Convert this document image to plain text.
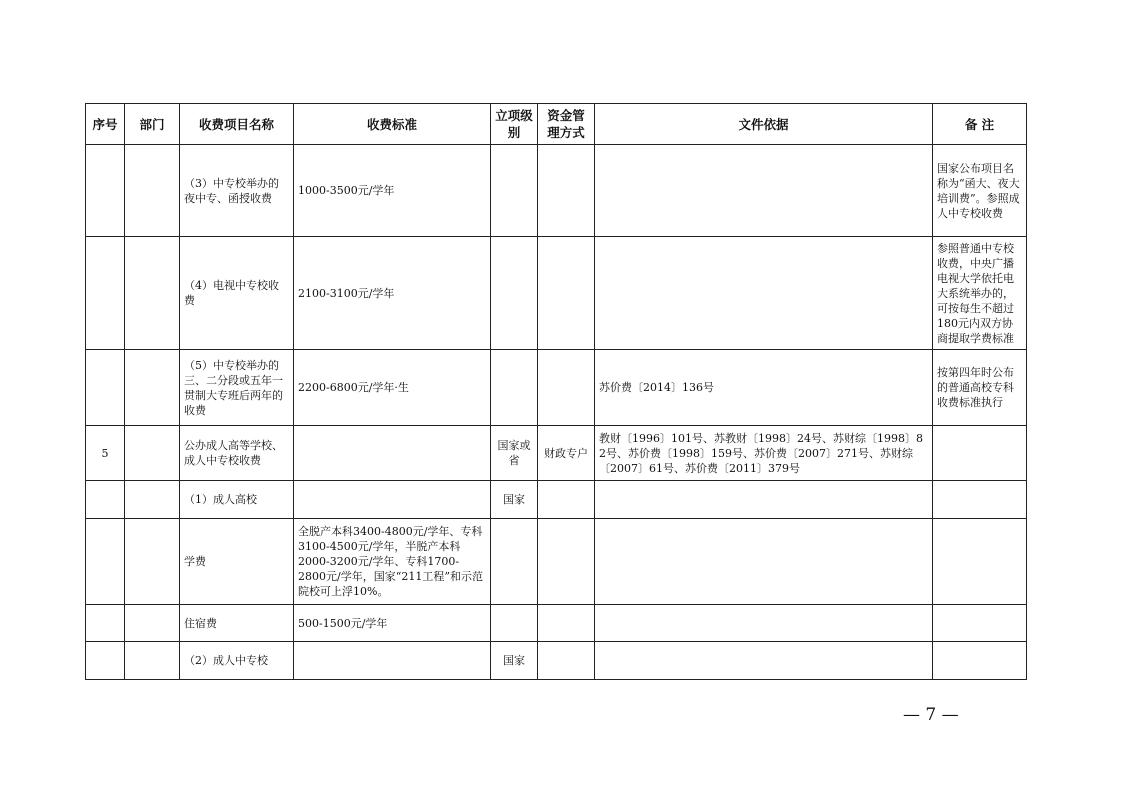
序号	部门	收费项目名称	收费标准	立项级别	资金管理方式	文件依据	备 注
		（3）中专校举办的夜中专、函授收费	1000-3500元/学年				国家公布项目名称为“函大、夜大培训费”。参照成人中专校收费
		（4）电视中专校收费	2100-3100元/学年				参照普通中专校收费，中央广播电视大学依托电大系统举办的，可按每生不超过180元内双方协商提取学费标准
		（5）中专校举办的三、二分段或五年一贯制大专班后两年的收费	2200-6800元/学年·生			苏价费〔2014〕136号	按第四年时公布的普通高校专科收费标准执行
5		公办成人高等学校、成人中专校收费		国家或省	财政专户	教财〔1996〕101号、苏教财〔1998〕24号、苏财综〔1998〕82号、苏价费〔1998〕159号、苏价费〔2007〕271号、苏财综〔2007〕61号、苏价费〔2011〕379号	
		（1）成人高校		国家			
		学费	全脱产本科3400-4800元/学年、专科3100-4500元/学年，半脱产本科2000-3200元/学年、专科1700-2800元/学年，国家“211工程”和示范院校可上浮10%。				
		住宿费	500-1500元/学年				
		（2）成人中专校		国家			
— 7 —
